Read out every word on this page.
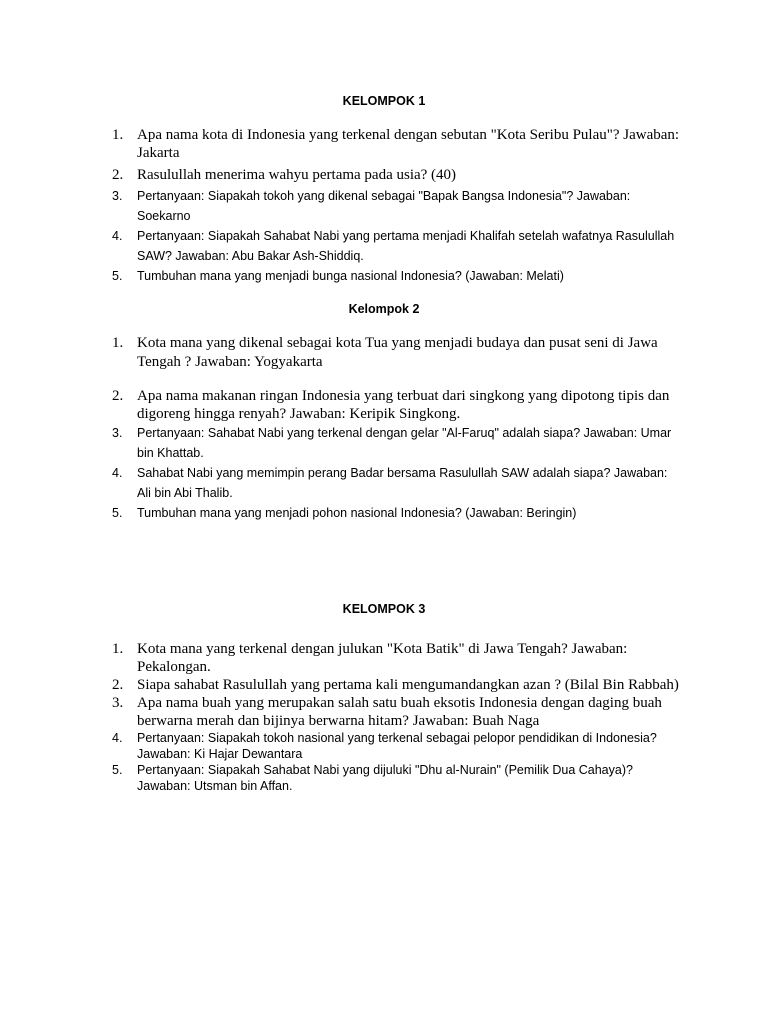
KELOMPOK 1
1. Apa nama kota di Indonesia yang terkenal dengan sebutan "Kota Seribu Pulau"? Jawaban: Jakarta
2. Rasulullah menerima wahyu pertama pada usia? (40)
3. Pertanyaan: Siapakah tokoh yang dikenal sebagai "Bapak Bangsa Indonesia"? Jawaban: Soekarno
4. Pertanyaan: Siapakah Sahabat Nabi yang pertama menjadi Khalifah setelah wafatnya Rasulullah SAW? Jawaban: Abu Bakar Ash-Shiddiq.
5. Tumbuhan mana yang menjadi bunga nasional Indonesia? (Jawaban: Melati)
Kelompok 2
1. Kota mana yang dikenal sebagai kota Tua yang menjadi budaya dan pusat seni di Jawa Tengah ? Jawaban: Yogyakarta
2. Apa nama makanan ringan Indonesia yang terbuat dari singkong yang dipotong tipis dan digoreng hingga renyah? Jawaban: Keripik Singkong.
3. Pertanyaan: Sahabat Nabi yang terkenal dengan gelar "Al-Faruq" adalah siapa? Jawaban: Umar bin Khattab.
4. Sahabat Nabi yang memimpin perang Badar bersama Rasulullah SAW adalah siapa? Jawaban: Ali bin Abi Thalib.
5. Tumbuhan mana yang menjadi pohon nasional Indonesia? (Jawaban: Beringin)
KELOMPOK 3
1. Kota mana yang terkenal dengan julukan "Kota Batik" di Jawa Tengah? Jawaban: Pekalongan.
2. Siapa sahabat Rasulullah yang pertama kali mengumandangkan azan ? (Bilal Bin Rabbah)
3. Apa nama buah yang merupakan salah satu buah eksotis Indonesia dengan daging buah berwarna merah dan bijinya berwarna hitam? Jawaban: Buah Naga
4. Pertanyaan: Siapakah tokoh nasional yang terkenal sebagai pelopor pendidikan di Indonesia? Jawaban: Ki Hajar Dewantara
5. Pertanyaan: Siapakah Sahabat Nabi yang dijuluki "Dhu al-Nurain" (Pemilik Dua Cahaya)? Jawaban: Utsman bin Affan.
